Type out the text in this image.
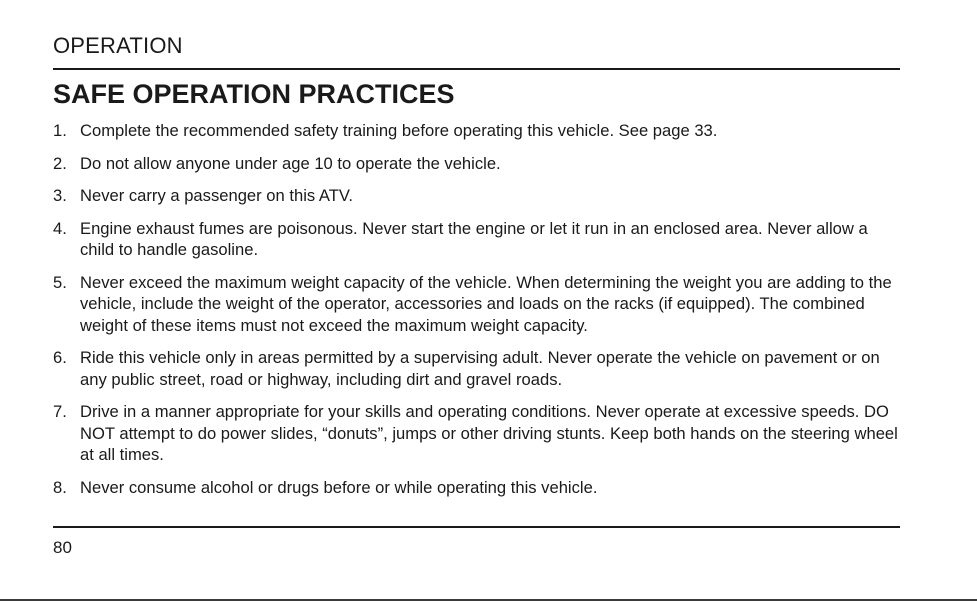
OPERATION
SAFE OPERATION PRACTICES
1. Complete the recommended safety training before operating this vehicle. See page 33.
2. Do not allow anyone under age 10 to operate the vehicle.
3. Never carry a passenger on this ATV.
4. Engine exhaust fumes are poisonous. Never start the engine or let it run in an enclosed area. Never allow a child to handle gasoline.
5. Never exceed the maximum weight capacity of the vehicle. When determining the weight you are adding to the vehicle, include the weight of the operator, accessories and loads on the racks (if equipped). The combined weight of these items must not exceed the maximum weight capacity.
6. Ride this vehicle only in areas permitted by a supervising adult. Never operate the vehicle on pavement or on any public street, road or highway, including dirt and gravel roads.
7. Drive in a manner appropriate for your skills and operating conditions. Never operate at excessive speeds. DO NOT attempt to do power slides, “donuts”, jumps or other driving stunts. Keep both hands on the steering wheel at all times.
8. Never consume alcohol or drugs before or while operating this vehicle.
80
